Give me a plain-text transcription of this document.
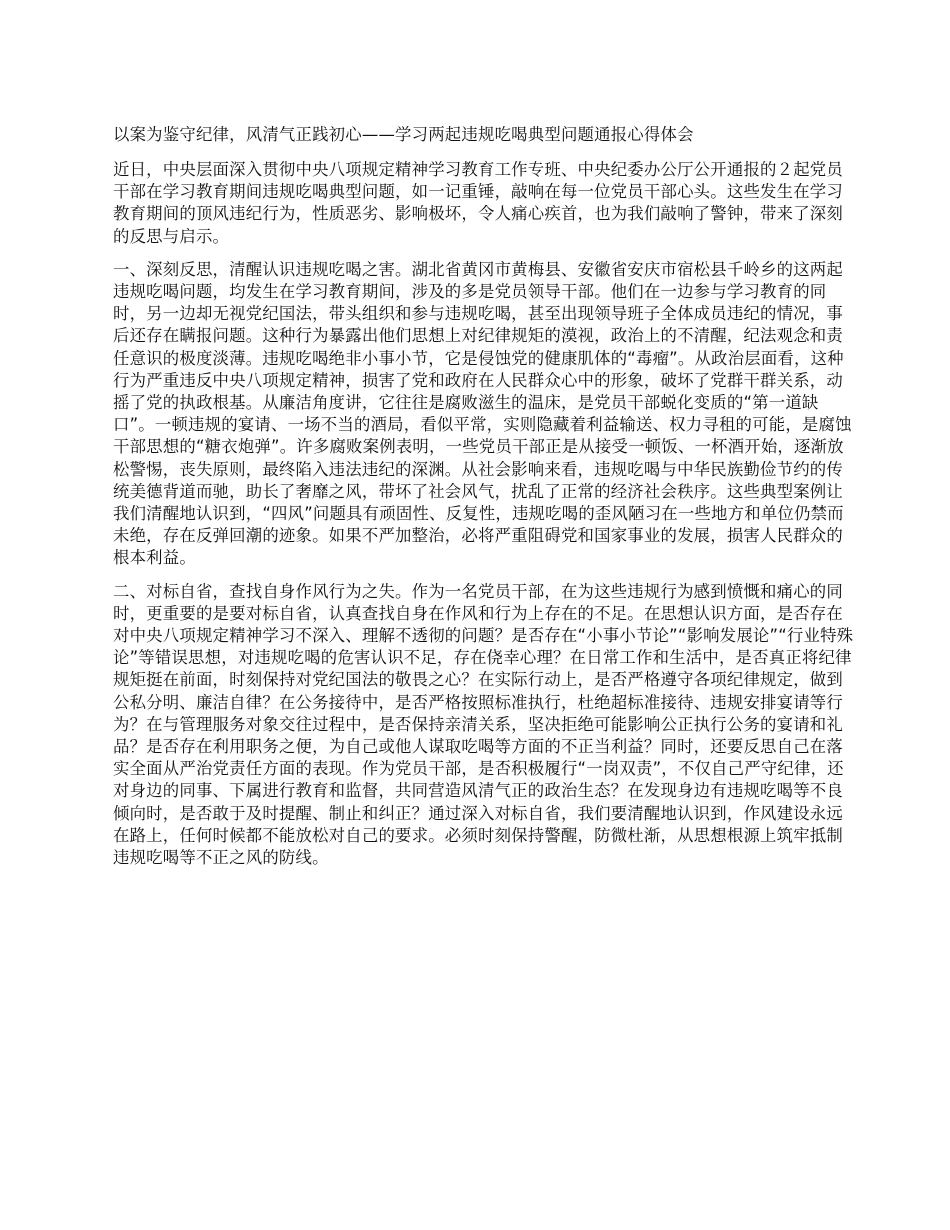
以案为鉴守纪律，风清气正践初心——学习两起违规吃喝典型问题通报心得体会

近日，中央层面深入贯彻中央八项规定精神学习教育工作专班、中央纪委办公厅公开通报的２起党员干部在学习教育期间违规吃喝典型问题，如一记重锤，敲响在每一位党员干部心头。这些发生在学习教育期间的顶风违纪行为，性质恶劣、影响极坏，令人痛心疾首，也为我们敲响了警钟，带来了深刻的反思与启示。

一、深刻反思，清醒认识违规吃喝之害。湖北省黄冈市黄梅县、安徽省安庆市宿松县千岭乡的这两起违规吃喝问题，均发生在学习教育期间，涉及的多是党员领导干部。他们在一边参与学习教育的同时，另一边却无视党纪国法，带头组织和参与违规吃喝，甚至出现领导班子全体成员违纪的情况，事后还存在瞒报问题。这种行为暴露出他们思想上对纪律规矩的漠视，政治上的不清醒，纪法观念和责任意识的极度淡薄。违规吃喝绝非小事小节，它是侵蚀党的健康肌体的“毒瘤”。从政治层面看，这种行为严重违反中央八项规定精神，损害了党和政府在人民群众心中的形象，破坏了党群干群关系，动摇了党的执政根基。从廉洁角度讲，它往往是腐败滋生的温床，是党员干部蜕化变质的“第一道缺口”。一顿违规的宴请、一场不当的酒局，看似平常，实则隐藏着利益输送、权力寻租的可能，是腐蚀干部思想的“糖衣炮弹”。许多腐败案例表明，一些党员干部正是从接受一顿饭、一杯酒开始，逐渐放松警惕，丧失原则，最终陷入违法违纪的深渊。从社会影响来看，违规吃喝与中华民族勤俭节约的传统美德背道而驰，助长了奢靡之风，带坏了社会风气，扰乱了正常的经济社会秩序。这些典型案例让我们清醒地认识到，“四风”问题具有顽固性、反复性，违规吃喝的歪风陋习在一些地方和单位仍禁而未绝，存在反弹回潮的迹象。如果不严加整治，必将严重阻碍党和国家事业的发展，损害人民群众的根本利益。

二、对标自省，查找自身作风行为之失。作为一名党员干部，在为这些违规行为感到愤慨和痛心的同时，更重要的是要对标自省，认真查找自身在作风和行为上存在的不足。在思想认识方面，是否存在对中央八项规定精神学习不深入、理解不透彻的问题？是否存在“小事小节论”“影响发展论”“行业特殊论”等错误思想，对违规吃喝的危害认识不足，存在侥幸心理？在日常工作和生活中，是否真正将纪律规矩挺在前面，时刻保持对党纪国法的敬畏之心？在实际行动上，是否严格遵守各项纪律规定，做到公私分明、廉洁自律？在公务接待中，是否严格按照标准执行，杜绝超标准接待、违规安排宴请等行为？在与管理服务对象交往过程中，是否保持亲清关系，坚决拒绝可能影响公正执行公务的宴请和礼品？是否存在利用职务之便，为自己或他人谋取吃喝等方面的不正当利益？同时，还要反思自己在落实全面从严治党责任方面的表现。作为党员干部，是否积极履行“一岗双责”，不仅自己严守纪律，还对身边的同事、下属进行教育和监督，共同营造风清气正的政治生态？在发现身边有违规吃喝等不良倾向时，是否敢于及时提醒、制止和纠正？通过深入对标自省，我们要清醒地认识到，作风建设永远在路上，任何时候都不能放松对自己的要求。必须时刻保持警醒，防微杜渐，从思想根源上筑牢抵制违规吃喝等不正之风的防线。
